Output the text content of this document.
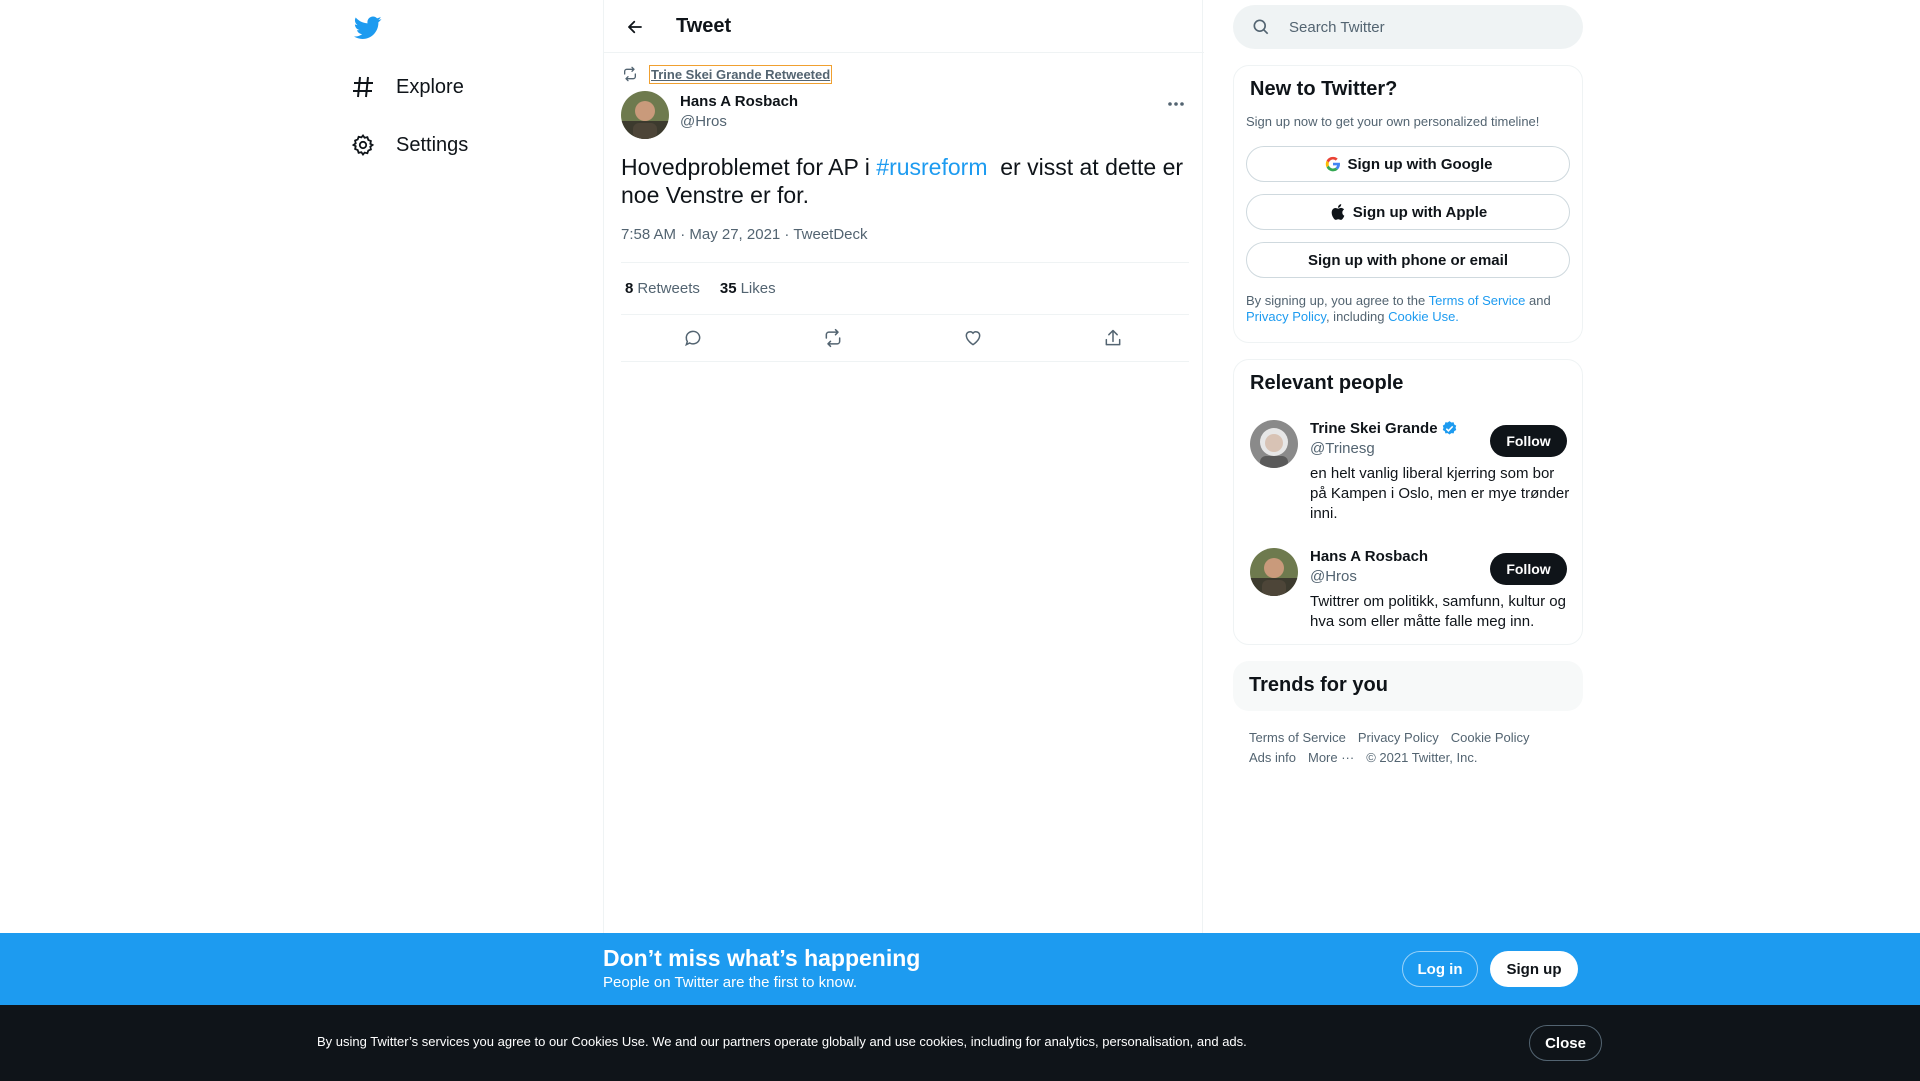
Explore
Settings
Tweet
Trine Skei Grande Retweeted
Hans A Rosbach
@Hros
Hovedproblemet for AP i #rusreform  er visst at dette er noe Venstre er for.
7:58 AM · May 27, 2021 · TweetDeck
8 Retweets 35 Likes
Search Twitter
New to Twitter?
Sign up now to get your own personalized timeline!
Sign up with Google
Sign up with Apple
Sign up with phone or email
By signing up, you agree to the Terms of Service and
Privacy Policy, including Cookie Use.
Relevant people
Trine Skei Grande
@Trinesg	Follow
en helt vanlig liberal kjerring som bor på Kampen i Oslo, men er mye trønder inni.
Hans A Rosbach
@Hros	Follow
Twittrer om politikk, samfunn, kultur og hva som eller måtte falle meg inn.
Trends for you
Terms of Service Privacy Policy Cookie Policy
Ads info More ··· © 2021 Twitter, Inc.
Don’t miss what’s happening
People on Twitter are the first to know.
Log in	Sign up
By using Twitter’s services you agree to our Cookies Use. We and our partners operate globally and use cookies, including for analytics, personalisation, and ads.	Close
